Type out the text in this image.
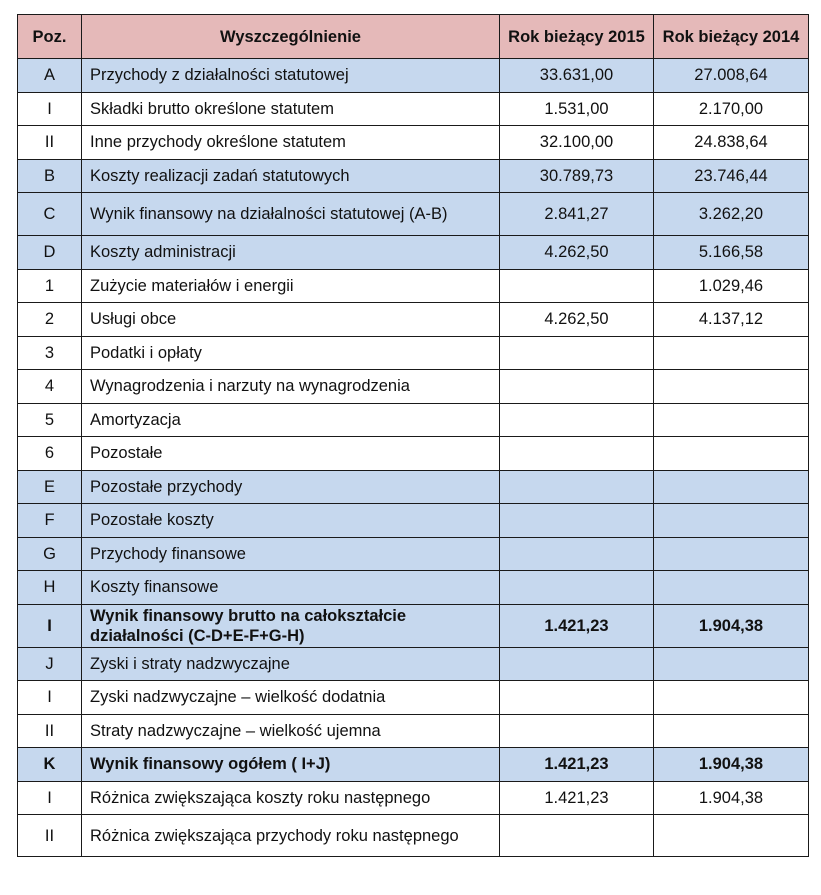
Poz.	Wyszczególnienie	Rok bieżący 2015	Rok bieżący 2014
A	Przychody z działalności statutowej	33.631,00	27.008,64
I	Składki brutto określone statutem	1.531,00	2.170,00
II	Inne przychody określone statutem	32.100,00	24.838,64
B	Koszty realizacji zadań statutowych	30.789,73	23.746,44
C	Wynik finansowy na działalności statutowej (A-B)	2.841,27	3.262,20
D	Koszty administracji	4.262,50	5.166,58
1	Zużycie materiałów i energii		1.029,46
2	Usługi obce	4.262,50	4.137,12
3	Podatki i opłaty		
4	Wynagrodzenia i narzuty na wynagrodzenia		
5	Amortyzacja		
6	Pozostałe		
E	Pozostałe przychody		
F	Pozostałe koszty		
G	Przychody finansowe		
H	Koszty finansowe		
I	Wynik finansowy brutto na całokształcie działalności (C-D+E-F+G-H)	1.421,23	1.904,38
J	Zyski i straty nadzwyczajne		
I	Zyski nadzwyczajne – wielkość dodatnia		
II	Straty nadzwyczajne – wielkość ujemna		
K	Wynik finansowy ogółem ( I+J)	1.421,23	1.904,38
I	Różnica zwiększająca koszty roku następnego	1.421,23	1.904,38
II	Różnica zwiększająca przychody roku następnego		
